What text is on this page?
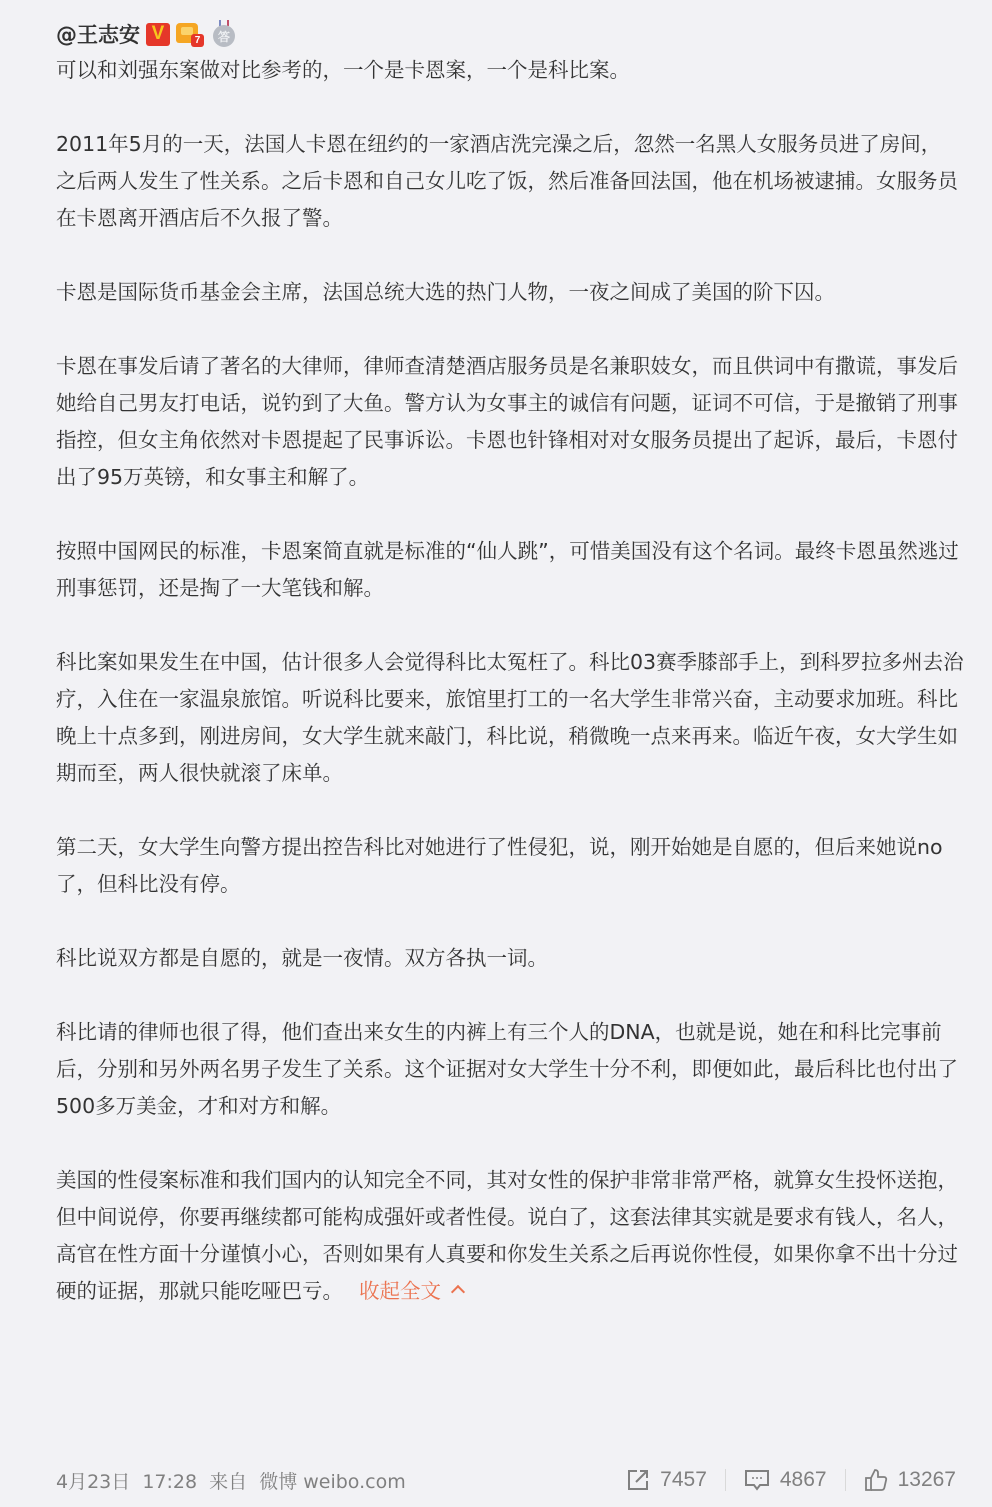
@王志安 V	7	答

可以和刘强东案做对比参考的，一个是卡恩案，一个是科比案。

2011年5月的一天，法国人卡恩在纽约的一家酒店洗完澡之后，忽然一名黑人女服务员进了房间， 之后两人发生了性关系。之后卡恩和自己女儿吃了饭，然后准备回法国，他在机场被逮捕。女服务员在卡恩离开酒店后不久报了警。

卡恩是国际货币基金会主席，法国总统大选的热门人物，一夜之间成了美国的阶下囚。

卡恩在事发后请了著名的大律师，律师查清楚酒店服务员是名兼职妓女，而且供词中有撒谎，事发后她给自己男友打电话，说钓到了大鱼。警方认为女事主的诚信有问题，证词不可信，于是撤销了刑事指控，但女主角依然对卡恩提起了民事诉讼。卡恩也针锋相对对女服务员提出了起诉，最后，卡恩付出了95万英镑，和女事主和解了。

按照中国网民的标准，卡恩案简直就是标准的“仙人跳”，可惜美国没有这个名词。最终卡恩虽然逃过刑事惩罚，还是掏了一大笔钱和解。

科比案如果发生在中国，估计很多人会觉得科比太冤枉了。科比03赛季膝部手上，到科罗拉多州去治疗，入住在一家温泉旅馆。听说科比要来，旅馆里打工的一名大学生非常兴奋，主动要求加班。科比晚上十点多到，刚进房间，女大学生就来敲门，科比说，稍微晚一点来再来。临近午夜，女大学生如期而至，两人很快就滚了床单。

第二天，女大学生向警方提出控告科比对她进行了性侵犯，说，刚开始她是自愿的，但后来她说no了，但科比没有停。

科比说双方都是自愿的，就是一夜情。双方各执一词。

科比请的律师也很了得，他们查出来女生的内裤上有三个人的DNA，也就是说，她在和科比完事前后，分别和另外两名男子发生了关系。这个证据对女大学生十分不利，即便如此，最后科比也付出了500多万美金，才和对方和解。

美国的性侵案标准和我们国内的认知完全不同，其对女性的保护非常非常严格，就算女生投怀送抱，但中间说停，你要再继续都可能构成强奸或者性侵。说白了，这套法律其实就是要求有钱人，名人，高官在性方面十分谨慎小心，否则如果有人真要和你发生关系之后再说你性侵，如果你拿不出十分过硬的证据，那就只能吃哑巴亏。 收起全文

4月23日 17:28 来自 微博 weibo.com	7457	4867	13267
